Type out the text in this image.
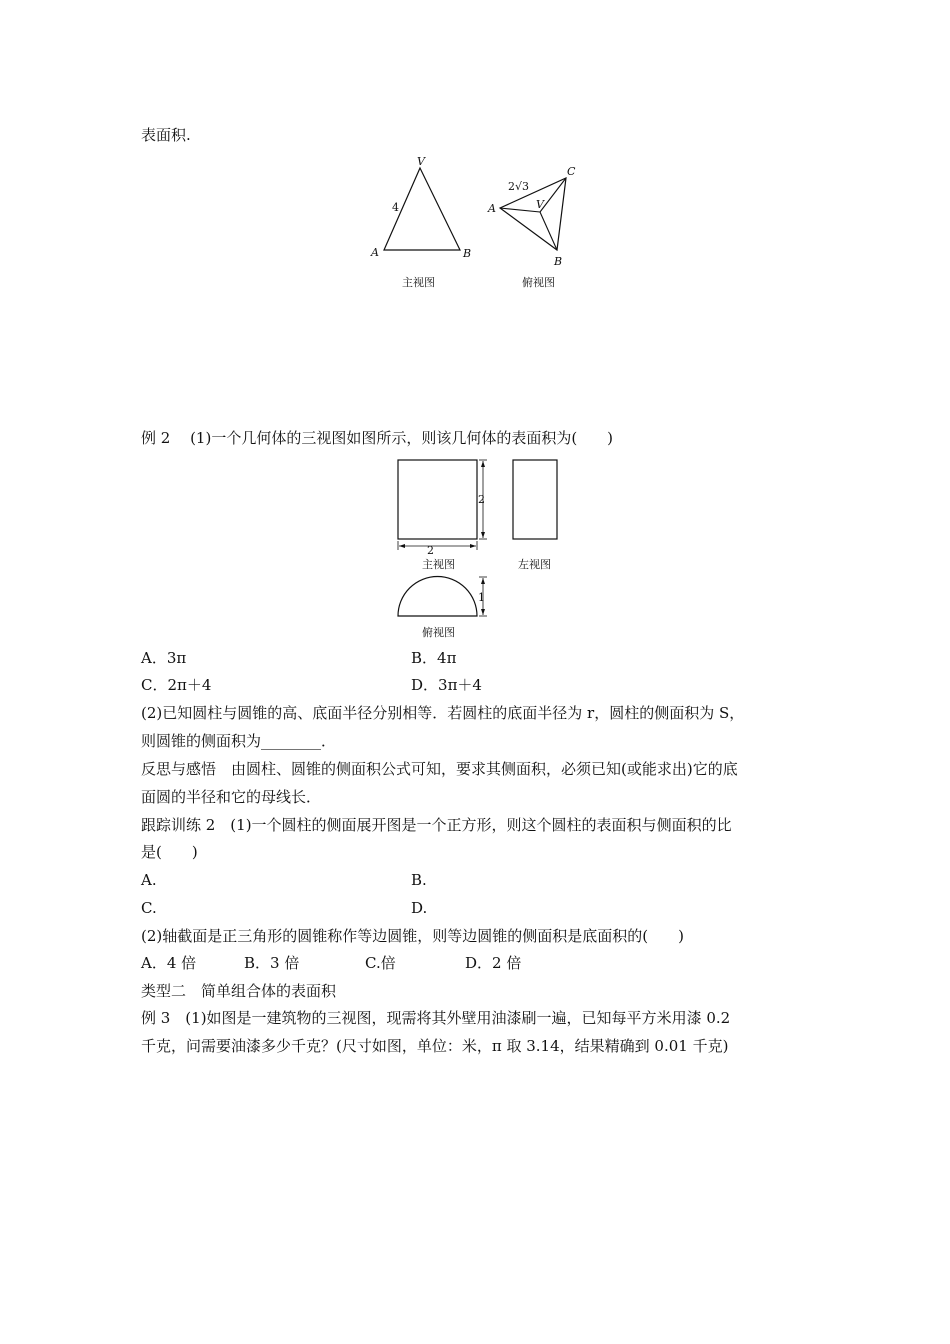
表面积.
V
A	B
4
主视图
A
C
B
V
2√3
俯视图
例 2 　(1)一个几何体的三视图如图所示，则该几何体的表面积为(　　)
2
2
主视图	左视图
1
俯视图
A．3π	B．4π
C．2π＋4	D．3π＋4
(2)已知圆柱与圆锥的高、底面半径分别相等．若圆柱的底面半径为 r，圆柱的侧面积为 S，
则圆锥的侧面积为________．
反思与感悟　由圆柱、圆锥的侧面积公式可知，要求其侧面积，必须已知(或能求出)它的底
面圆的半径和它的母线长．
跟踪训练 2　(1)一个圆柱的侧面展开图是一个正方形，则这个圆柱的表面积与侧面积的比
是(　　)
A.	B.
C.	D.
(2)轴截面是正三角形的圆锥称作等边圆锥，则等边圆锥的侧面积是底面积的(　　)
A．4 倍	B．3 倍	C.倍	D．2 倍
类型二　简单组合体的表面积
例 3　(1)如图是一建筑物的三视图，现需将其外壁用油漆刷一遍，已知每平方米用漆 0.2
千克，问需要油漆多少千克？(尺寸如图，单位：米，π 取 3.14，结果精确到 0.01 千克)
